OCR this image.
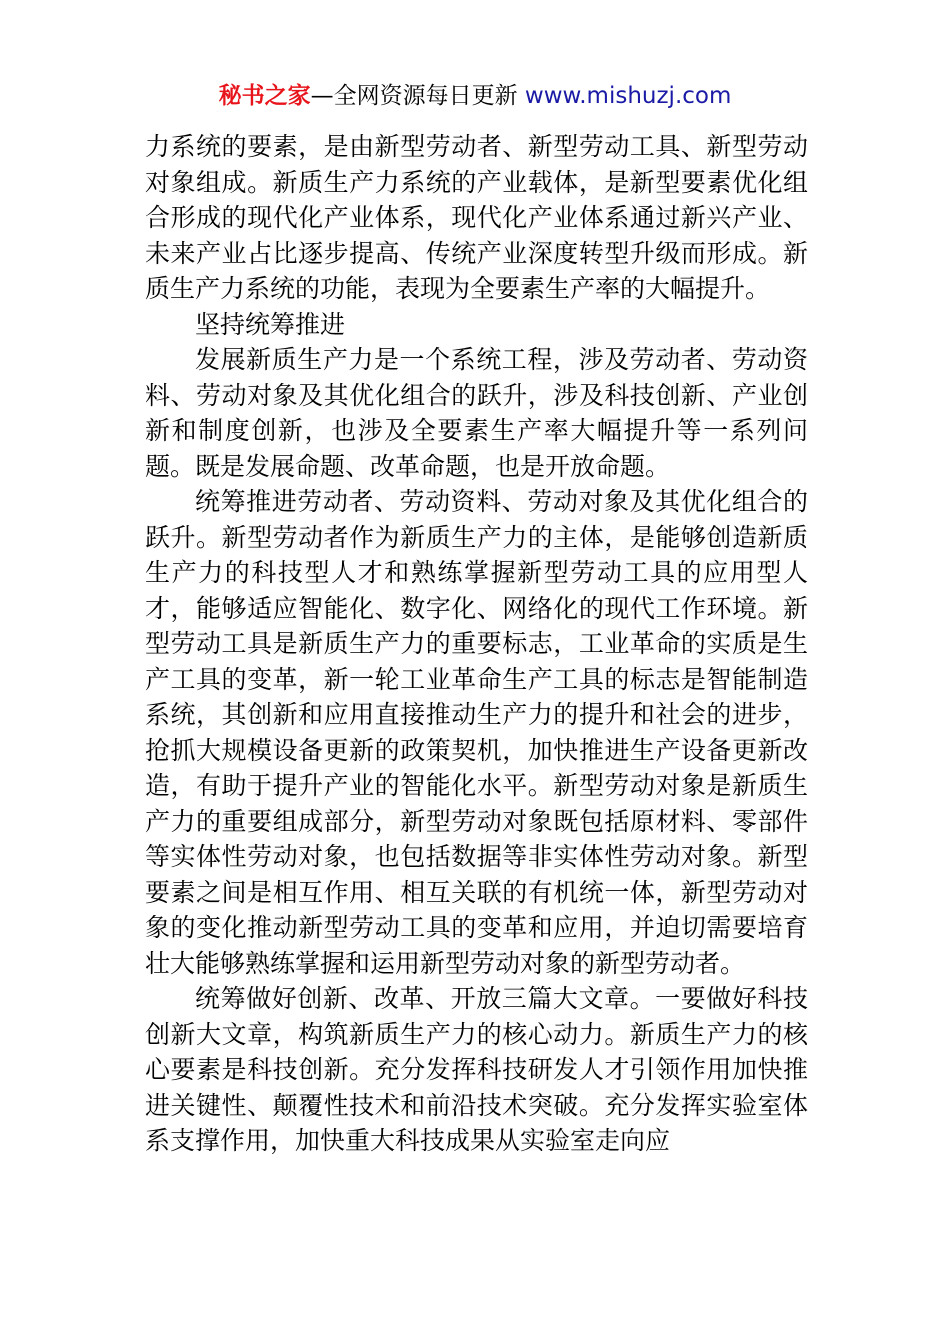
秘书之家—全网资源每日更新 www.mishuzj.com

力系统的要素，是由新型劳动者、新型劳动工具、新型劳动对象组成。新质生产力系统的产业载体，是新型要素优化组合形成的现代化产业体系，现代化产业体系通过新兴产业、未来产业占比逐步提高、传统产业深度转型升级而形成。新质生产力系统的功能，表现为全要素生产率的大幅提升。

坚持统筹推进

发展新质生产力是一个系统工程，涉及劳动者、劳动资料、劳动对象及其优化组合的跃升，涉及科技创新、产业创新和制度创新，也涉及全要素生产率大幅提升等一系列问题。既是发展命题、改革命题，也是开放命题。

统筹推进劳动者、劳动资料、劳动对象及其优化组合的跃升。新型劳动者作为新质生产力的主体，是能够创造新质生产力的科技型人才和熟练掌握新型劳动工具的应用型人才，能够适应智能化、数字化、网络化的现代工作环境。新型劳动工具是新质生产力的重要标志，工业革命的实质是生产工具的变革，新一轮工业革命生产工具的标志是智能制造系统，其创新和应用直接推动生产力的提升和社会的进步，抢抓大规模设备更新的政策契机，加快推进生产设备更新改造，有助于提升产业的智能化水平。新型劳动对象是新质生产力的重要组成部分，新型劳动对象既包括原材料、零部件等实体性劳动对象，也包括数据等非实体性劳动对象。新型要素之间是相互作用、相互关联的有机统一体，新型劳动对象的变化推动新型劳动工具的变革和应用，并迫切需要培育壮大能够熟练掌握和运用新型劳动对象的新型劳动者。

统筹做好创新、改革、开放三篇大文章。一要做好科技创新大文章，构筑新质生产力的核心动力。新质生产力的核心要素是科技创新。充分发挥科技研发人才引领作用加快推进关键性、颠覆性技术和前沿技术突破。充分发挥实验室体系支撑作用，加快重大科技成果从实验室走向应
